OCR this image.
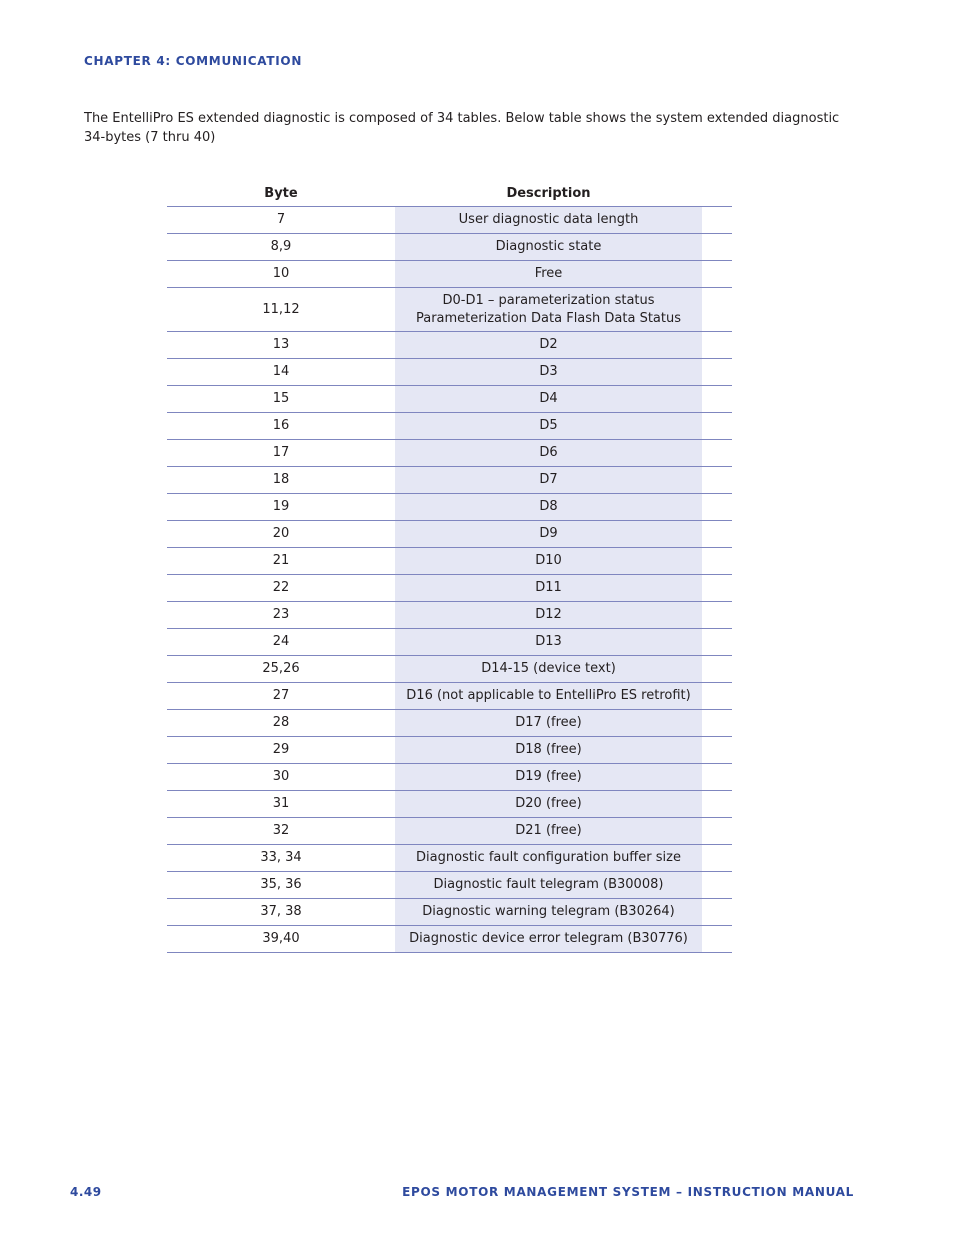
CHAPTER 4: COMMUNICATION
The EntelliPro ES extended diagnostic is composed of 34 tables. Below table shows the system extended diagnostic
34-bytes (7 thru 40)
Byte	Description	
7	User diagnostic data length	

8,9	Diagnostic state	

10	Free	

11,12	D0-D1 – parameterization status
Parameterization Data Flash Data Status	

13	D2	

14	D3	

15	D4	

16	D5	

17	D6	

18	D7	

19	D8	

20	D9	

21	D10	

22	D11	

23	D12	

24	D13	

25,26	D14-15 (device text)	

27	D16 (not applicable to EntelliPro ES retrofit)	

28	D17 (free)	

29	D18 (free)	

30	D19 (free)	

31	D20 (free)	

32	D21 (free)	

33, 34	Diagnostic fault configuration buffer size	

35, 36	Diagnostic fault telegram (B30008)	

37, 38	Diagnostic warning telegram (B30264)	

39,40	Diagnostic device error telegram (B30776)	

4.49	EPOS MOTOR MANAGEMENT SYSTEM – INSTRUCTION MANUAL
